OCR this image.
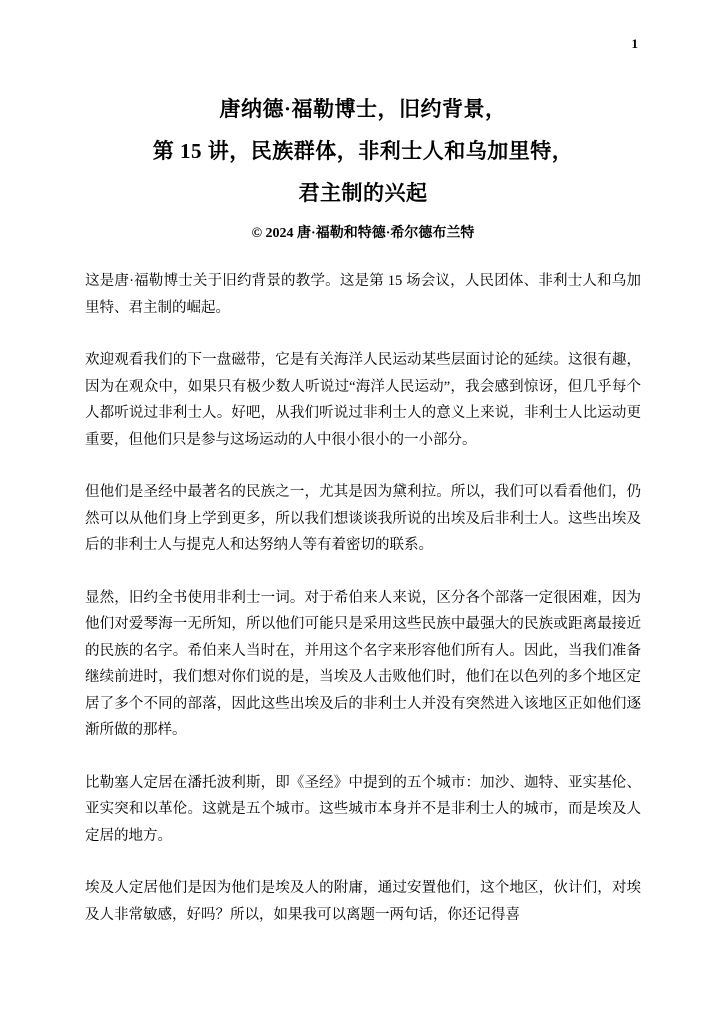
1
唐纳德·福勒博士，旧约背景，
第 15 讲，民族群体，非利士人和乌加里特，
君主制的兴起
© 2024 唐·福勒和特德·希尔德布兰特

这是唐·福勒博士关于旧约背景的教学。这是第 15 场会议，人民团体、非利士人和乌加里特、君主制的崛起。

欢迎观看我们的下一盘磁带，它是有关海洋人民运动某些层面讨论的延续。这很有趣，因为在观众中，如果只有极少数人听说过“海洋人民运动”，我会感到惊讶，但几乎每个人都听说过非利士人。好吧，从我们听说过非利士人的意义上来说，非利士人比运动更重要，但他们只是参与这场运动的人中很小很小的一小部分。

但他们是圣经中最著名的民族之一，尤其是因为黛利拉。所以，我们可以看看他们，仍然可以从他们身上学到更多，所以我们想谈谈我所说的出埃及后非利士人。这些出埃及后的非利士人与提克人和达努纳人等有着密切的联系。

显然，旧约全书使用非利士一词。对于希伯来人来说，区分各个部落一定很困难，因为他们对爱琴海一无所知，所以他们可能只是采用这些民族中最强大的民族或距离最接近的民族的名字。希伯来人当时在，并用这个名字来形容他们所有人。因此，当我们准备继续前进时，我们想对你们说的是，当埃及人击败他们时，他们在以色列的多个地区定居了多个不同的部落，因此这些出埃及后的非利士人并没有突然进入该地区正如他们逐渐所做的那样。

比勒塞人定居在潘托波利斯，即《圣经》中提到的五个城市：加沙、迦特、亚实基伦、亚实突和以革伦。这就是五个城市。这些城市本身并不是非利士人的城市，而是埃及人定居的地方。

埃及人定居他们是因为他们是埃及人的附庸，通过安置他们，这个地区，伙计们，对埃及人非常敏感，好吗？所以，如果我可以离题一两句话，你还记得喜
